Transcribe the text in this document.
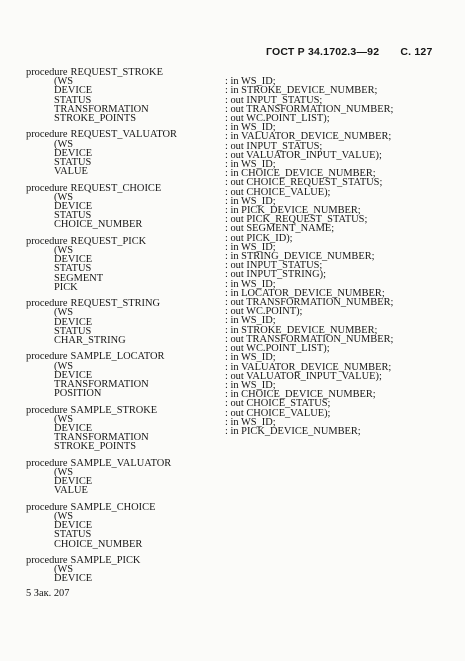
ГОСТ Р 34.1702.3—92 С. 127
procedure REQUEST_STROKE
(WS
DEVICE
STATUS
TRANSFORMATION
STROKE_POINTS
procedure REQUEST_VALUATOR
(WS
DEVICE
STATUS
VALUE
procedure REQUEST_CHOICE
(WS
DEVICE
STATUS
CHOICE_NUMBER
procedure REQUEST_PICK
(WS
DEVICE
STATUS
SEGMENT
PICK
procedure REQUEST_STRING
(WS
DEVICE
STATUS
CHAR_STRING
procedure SAMPLE_LOCATOR
(WS
DEVICE
TRANSFORMATION
POSITION
procedure SAMPLE_STROKE
(WS
DEVICE
TRANSFORMATION
STROKE_POINTS
procedure SAMPLE_VALUATOR
(WS
DEVICE
VALUE
procedure SAMPLE_CHOICE
(WS
DEVICE
STATUS
CHOICE_NUMBER
procedure SAMPLE_PICK
(WS
DEVICE
: in WS_ID;
: in STROKE_DEVICE_NUMBER;
: out INPUT_STATUS;
: out TRANSFORMATION_NUMBER;
: out WC.POINT_LIST);
: in WS_ID;
: in VALUATOR_DEVICE_NUMBER;
: out INPUT_STATUS;
: out VALUATOR_INPUT_VALUE);
: in WS_ID;
: in CHOICE_DEVICE_NUMBER;
: out CHOICE_REQUEST_STATUS;
: out CHOICE_VALUE);
: in WS_ID;
: in PICK_DEVICE_NUMBER;
: out PICK_REQUEST_STATUS;
: out SEGMENT_NAME;
: out PICK_ID);
: in WS_ID;
: in STRING_DEVICE_NUMBER;
: out INPUT_STATUS;
: out INPUT_STRING);
: in WS_ID;
: in LOCATOR_DEVICE_NUMBER;
: out TRANSFORMATION_NUMBER;
: out WC.POINT);
: in WS_ID;
: in STROKE_DEVICE_NUMBER;
: out TRANSFORMATION_NUMBER;
: out WC.POINT_LIST);
: in WS_ID;
: in VALUATOR_DEVICE_NUMBER;
: out VALUATOR_INPUT_VALUE);
: in WS_ID;
: in CHOICE_DEVICE_NUMBER;
: out CHOICE_STATUS;
: out CHOICE_VALUE);
: in WS_ID;
: in PICK_DEVICE_NUMBER;
5 Зак. 207
